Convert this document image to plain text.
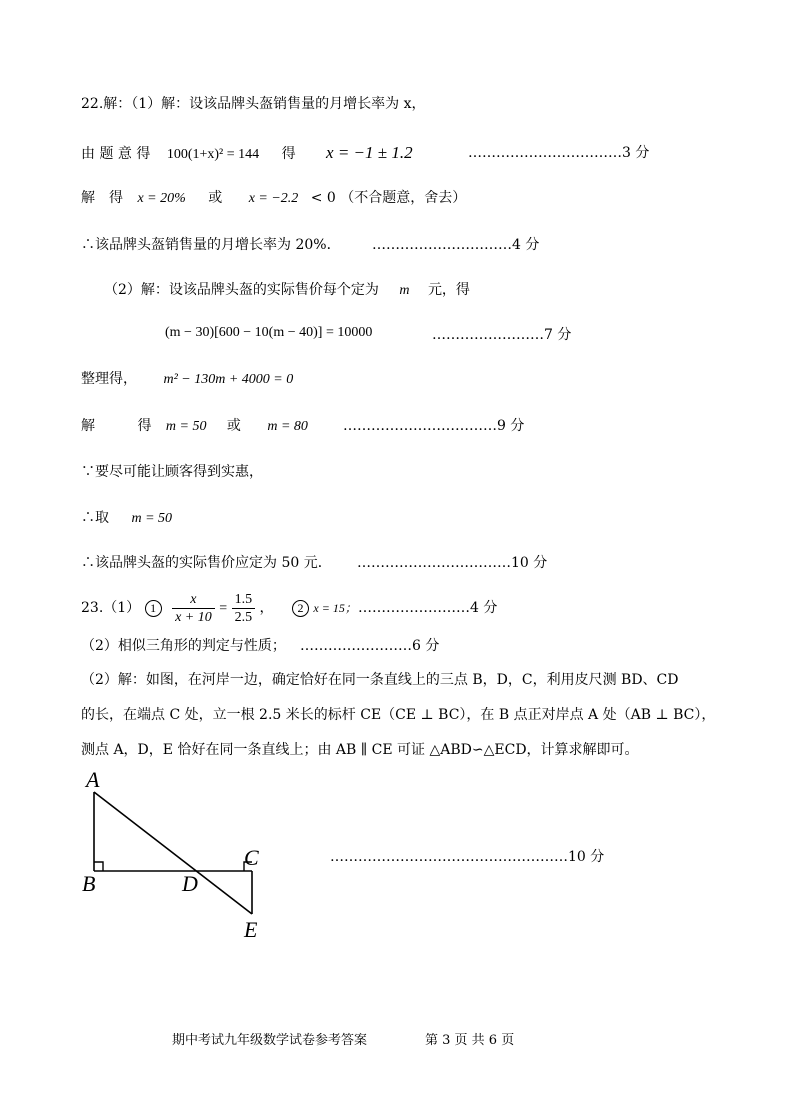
22.解：（1）解：设该品牌头盔销售量的月增长率为 x，
由 题 意 得 100(1+x)² = 144 得 x = −1 ± 1.2	……………………………3 分
解　得 x = 20% 或 x = −2.2 < 0 （不合题意，舍去）
∴该品牌头盔销售量的月增长率为 20%． …………………………4 分
（2）解：设该品牌头盔的实际售价每个定为 m 元，得
(m − 30)[600 − 10(m − 40)] = 10000	……………………7 分
整理得， m² − 130m + 4000 = 0
解	得 m = 50 或 m = 80	……………………………9 分
∵要尽可能让顾客得到实惠，
∴取 m = 50
∴该品牌头盔的实际售价应定为 50 元． ……………………………10 分
23.（1） $1 \frac{x}{x + 10} = \frac{1.5}{2.5}$ ， 2 x = 15； ……………………4 分
（2）相似三角形的判定与性质； ……………………6 分
（2）解：如图，在河岸一边，确定恰好在同一条直线上的三点 B，D，C，利用皮尺测 BD、CD
的长，在端点 C 处，立一根 2.5 米长的标杆 CE（CE ⊥ BC），在 B 点正对岸点 A 处（AB ⊥ BC），
测点 A，D，E 恰好在同一条直线上；由 AB ∥ CE 可证 △ABD∽△ECD，计算求解即可。
A
B	D
C
E
……………………………………………10 分
期中考试九年级数学试卷参考答案	第 3 页 共 6 页
